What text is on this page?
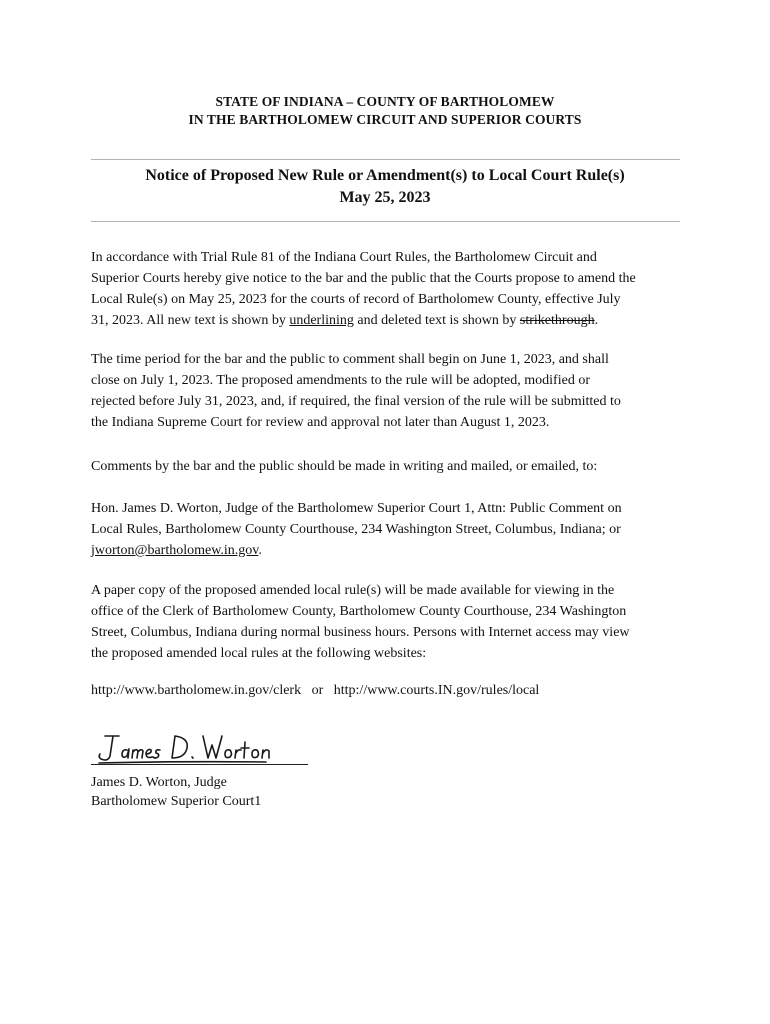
STATE OF INDIANA – COUNTY OF BARTHOLOMEW
IN THE BARTHOLOMEW CIRCUIT AND SUPERIOR COURTS
Notice of Proposed New Rule or Amendment(s) to Local Court Rule(s)
May 25, 2023
In accordance with Trial Rule 81 of the Indiana Court Rules, the Bartholomew Circuit and
Superior Courts hereby give notice to the bar and the public that the Courts propose to amend the
Local Rule(s) on May 25, 2023 for the courts of record of Bartholomew County, effective July
31, 2023. All new text is shown by underlining and deleted text is shown by strikethrough.
The time period for the bar and the public to comment shall begin on June 1, 2023, and shall
close on July 1, 2023. The proposed amendments to the rule will be adopted, modified or
rejected before July 31, 2023, and, if required, the final version of the rule will be submitted to
the Indiana Supreme Court for review and approval not later than August 1, 2023.
Comments by the bar and the public should be made in writing and mailed, or emailed, to:
Hon. James D. Worton, Judge of the Bartholomew Superior Court 1, Attn: Public Comment on
Local Rules, Bartholomew County Courthouse, 234 Washington Street, Columbus, Indiana; or
jworton@bartholomew.in.gov.
A paper copy of the proposed amended local rule(s) will be made available for viewing in the
office of the Clerk of Bartholomew County, Bartholomew County Courthouse, 234 Washington
Street, Columbus, Indiana during normal business hours. Persons with Internet access may view
the proposed amended local rules at the following websites:
http://www.bartholomew.in.gov/clerk or http://www.courts.IN.gov/rules/local
James D. Worton, Judge
Bartholomew Superior Court1
